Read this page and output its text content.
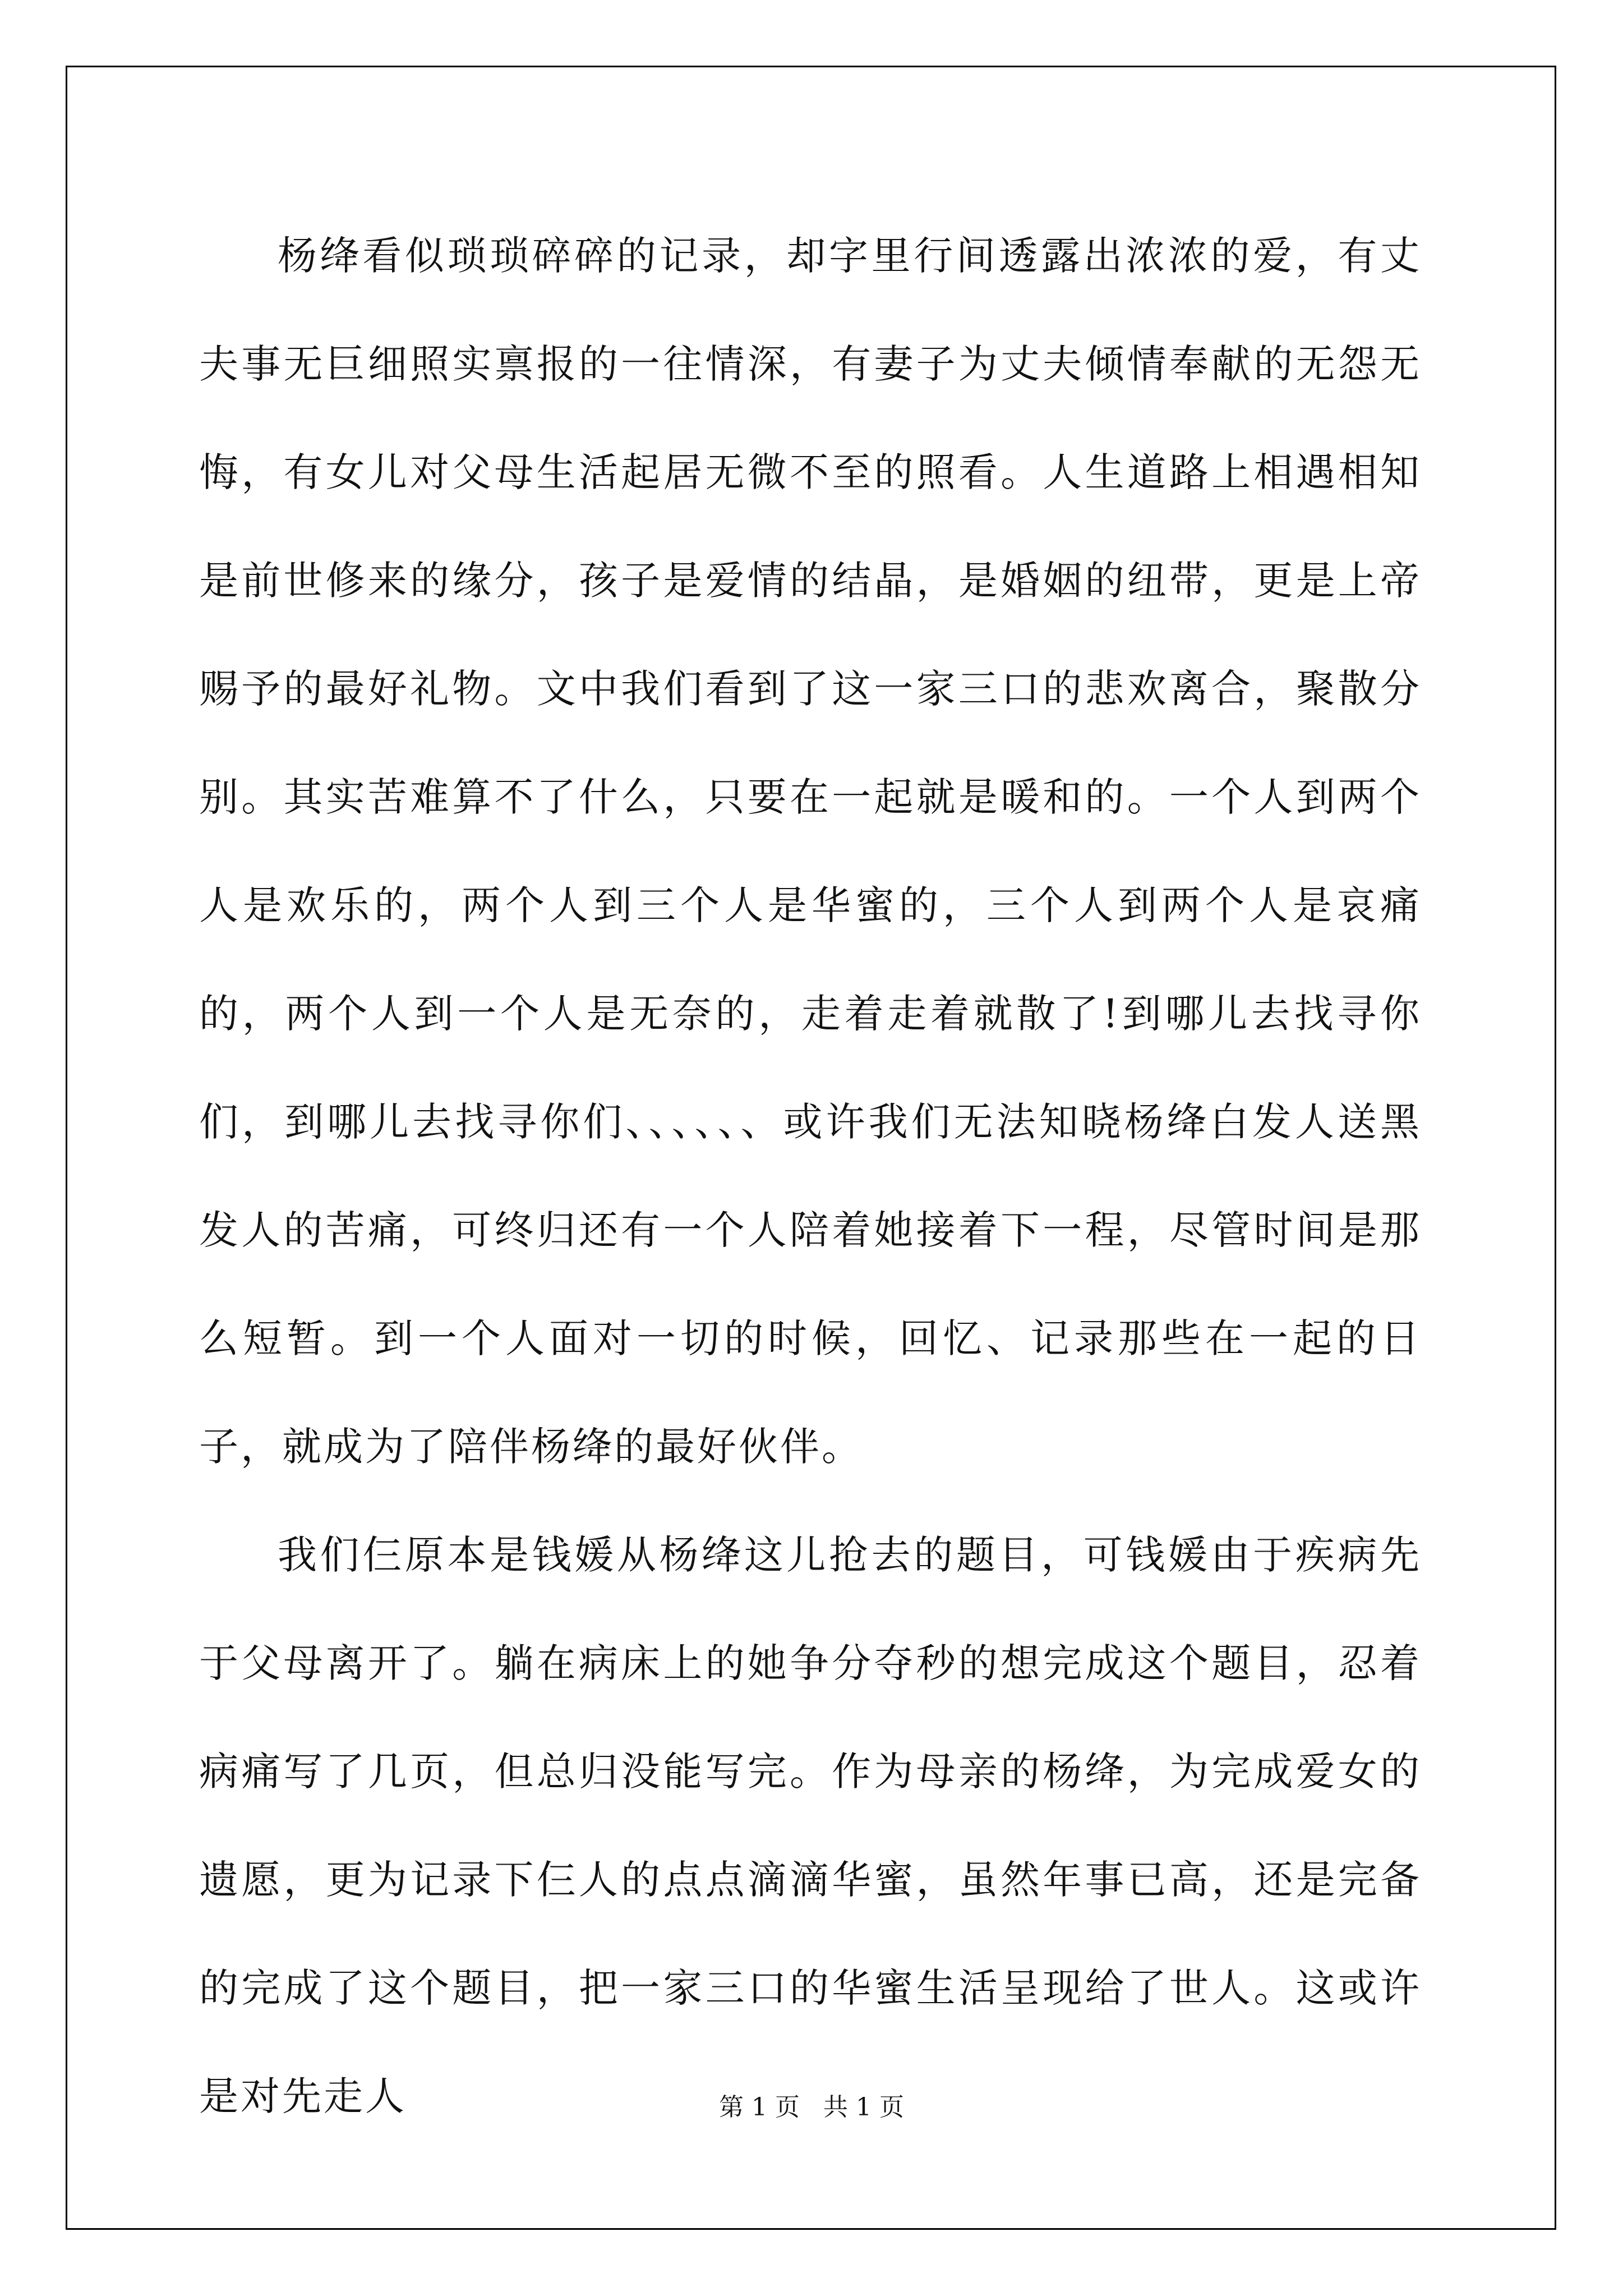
杨绛看似琐琐碎碎的记录，却字里行间透露出浓浓的爱，有丈夫事无巨细照实禀报的一往情深，有妻子为丈夫倾情奉献的无怨无悔，有女儿对父母生活起居无微不至的照看。人生道路上相遇相知是前世修来的缘分，孩子是爱情的结晶，是婚姻的纽带，更是上帝赐予的最好礼物。文中我们看到了这一家三口的悲欢离合，聚散分别。其实苦难算不了什么，只要在一起就是暖和的。一个人到两个人是欢乐的，两个人到三个人是华蜜的，三个人到两个人是哀痛的，两个人到一个人是无奈的，走着走着就散了!到哪儿去找寻你们，到哪儿去找寻你们、、、、、、或许我们无法知晓杨绛白发人送黑发人的苦痛，可终归还有一个人陪着她接着下一程，尽管时间是那么短暂。到一个人面对一切的时候，回忆、记录那些在一起的日子，就成为了陪伴杨绛的最好伙伴。

我们仨原本是钱媛从杨绛这儿抢去的题目，可钱媛由于疾病先于父母离开了。躺在病床上的她争分夺秒的想完成这个题目，忍着病痛写了几页，但总归没能写完。作为母亲的杨绛，为完成爱女的遗愿，更为记录下仨人的点点滴滴华蜜，虽然年事已高，还是完备的完成了这个题目，把一家三口的华蜜生活呈现给了世人。这或许是对先走人	第 1 页   共 1 页
